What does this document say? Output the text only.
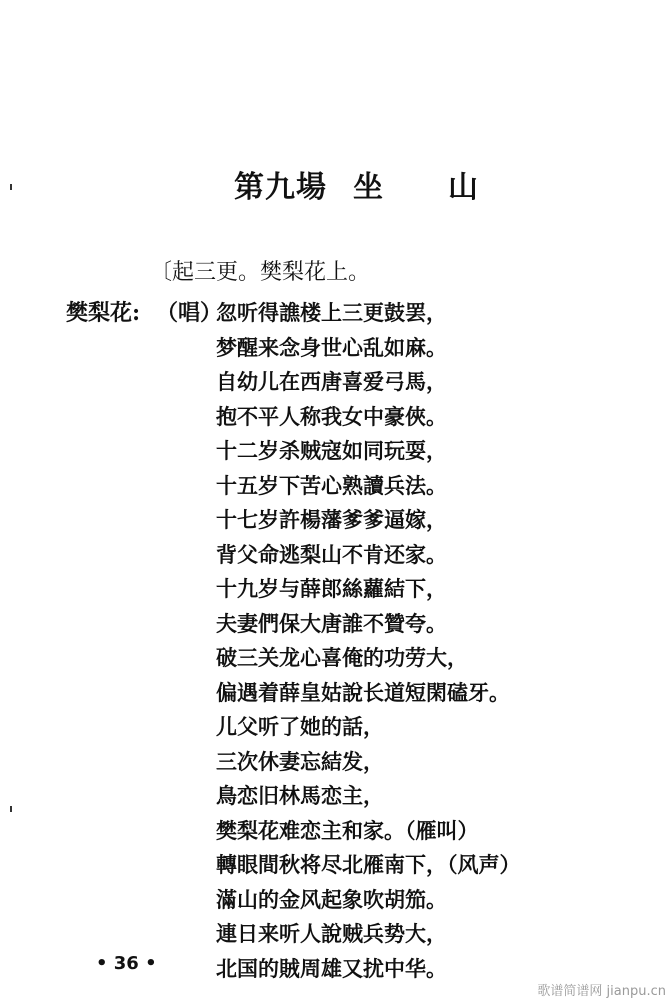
第九場 坐 山
〔起三更。樊梨花上。
樊梨花: （唱）
忽听得譙楼上三更鼓罢，
梦醒来念身世心乱如麻。
自幼儿在西唐喜爱弓馬，
抱不平人称我女中豪俠。
十二岁杀贼寇如同玩耍，
十五岁下苦心熟讀兵法。
十七岁許楊藩爹爹逼嫁，
背父命逃梨山不肯还家。
十九岁与薛郎絲蘿結下，
夫妻們保大唐誰不贊夸。
破三关龙心喜俺的功劳大，
偏遇着薛皇姑說长道短閑磕牙。
儿父听了她的話，
三次休妻忘結发，
鳥恋旧林馬恋主，
樊梨花难恋主和家。（雁叫）
轉眼間秋将尽北雁南下，（风声）
滿山的金风起象吹胡笳。
連日来听人說贼兵势大，
北国的賊周雄又扰中华。
• 36 •
歌谱简谱网 jianpu.cn
